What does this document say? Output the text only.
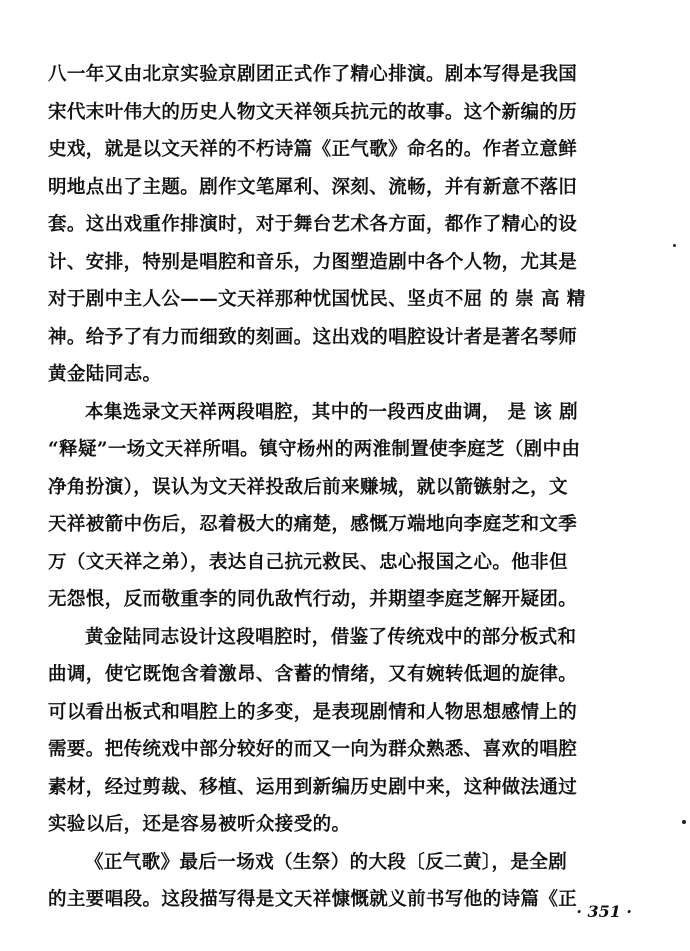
八一年又由北京实验京剧团正式作了精心排演。剧本写得是我国
宋代末叶伟大的历史人物文天祥领兵抗元的故事。这个新编的历
史戏，就是以文天祥的不朽诗篇《正气歌》命名的。作者立意鲜
明地点出了主题。剧作文笔犀利、深刻、流畅，并有新意不落旧
套。这出戏重作排演时，对于舞台艺术各方面，都作了精心的设
计、安排，特别是唱腔和音乐，力图塑造剧中各个人物，尤其是
对于剧中主人公——文天祥那种忧国忧民、坚贞不屈 的 崇 高 精
神。给予了有力而细致的刻画。这出戏的唱腔设计者是著名琴师
黄金陆同志。
本集选录文天祥两段唱腔，其中的一段西皮曲调， 是 该 剧
“释疑”一场文天祥所唱。镇守杨州的两淮制置使李庭芝（剧中由
净角扮演），误认为文天祥投敌后前来赚城，就以箭镞射之，文
天祥被箭中伤后，忍着极大的痛楚，感慨万端地向李庭芝和文季
万（文天祥之弟），表达自己抗元救民、忠心报国之心。他非但
无怨恨，反而敬重李的同仇敌忾行动，并期望李庭芝解开疑团。
黄金陆同志设计这段唱腔时，借鉴了传统戏中的部分板式和
曲调，使它既饱含着激昂、含蓄的情绪，又有婉转低迴的旋律。
可以看出板式和唱腔上的多变，是表现剧情和人物思想感情上的
需要。把传统戏中部分较好的而又一向为群众熟悉、喜欢的唱腔
素材，经过剪裁、移植、运用到新编历史剧中来，这种做法通过
实验以后，还是容易被听众接受的。
《正气歌》最后一场戏（生祭）的大段〔反二黄〕，是全剧
的主要唱段。这段描写得是文天祥慷慨就义前书写他的诗篇《正
· 351 ·
